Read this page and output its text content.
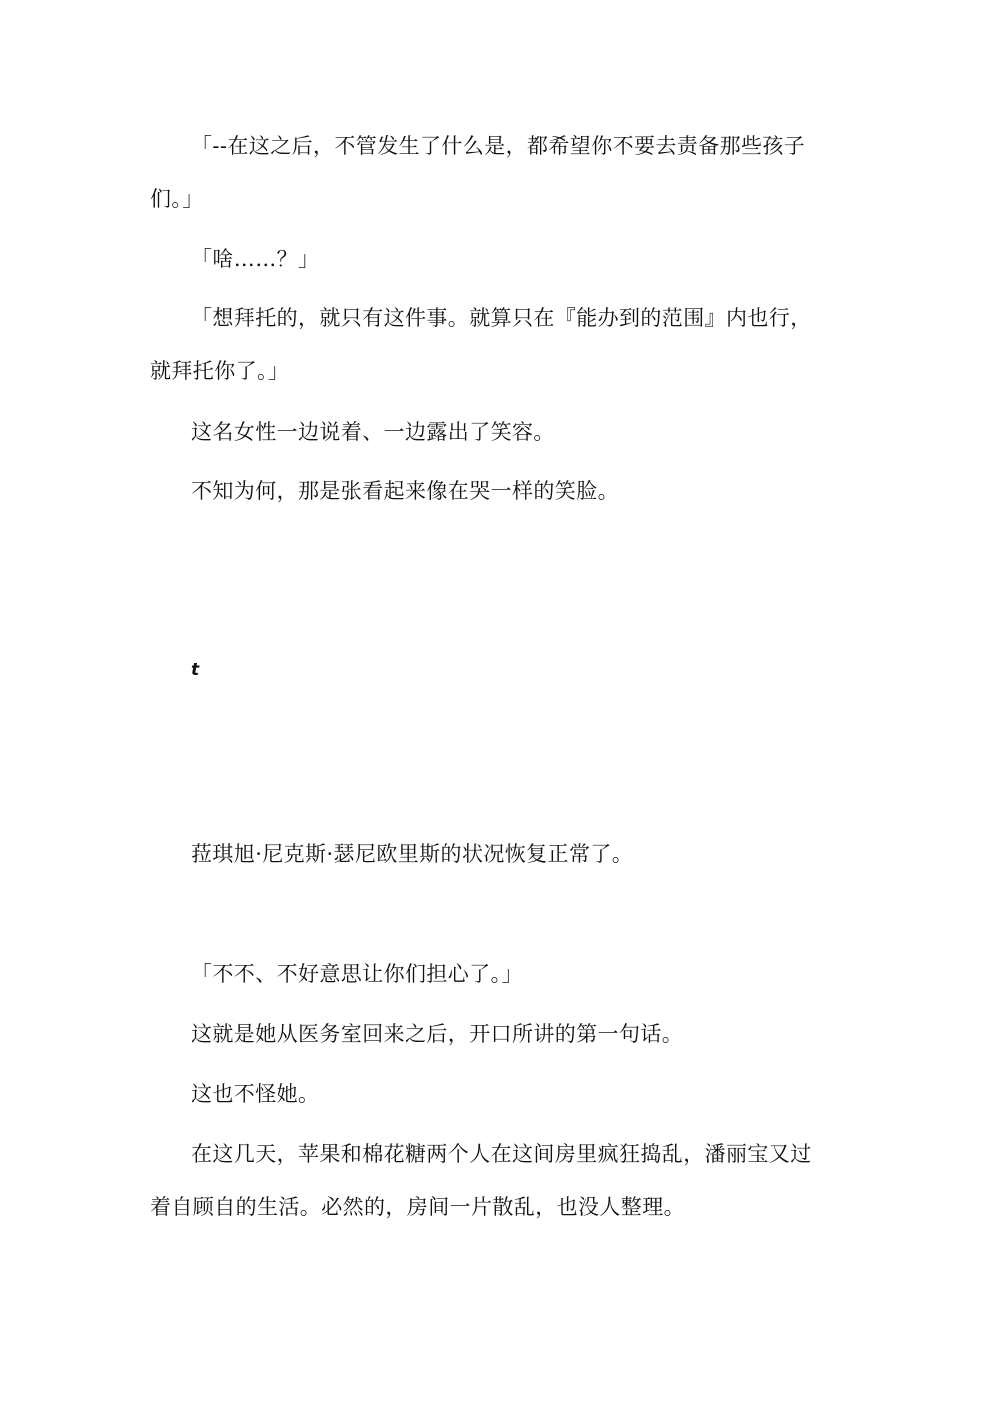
「--在这之后，不管发生了什么是，都希望你不要去责备那些孩子
们。」
「啥……？」
「想拜托的，就只有这件事。就算只在『能办到的范围』内也行，
就拜托你了。」
这名女性一边说着、一边露出了笑容。
不知为何，那是张看起来像在哭一样的笑脸。
t
菈琪旭·尼克斯·瑟尼欧里斯的状况恢复正常了。
「不不、不好意思让你们担心了。」
这就是她从医务室回来之后，开口所讲的第一句话。
这也不怪她。
在这几天，苹果和棉花糖两个人在这间房里疯狂捣乱，潘丽宝又过
着自顾自的生活。必然的，房间一片散乱，也没人整理。
